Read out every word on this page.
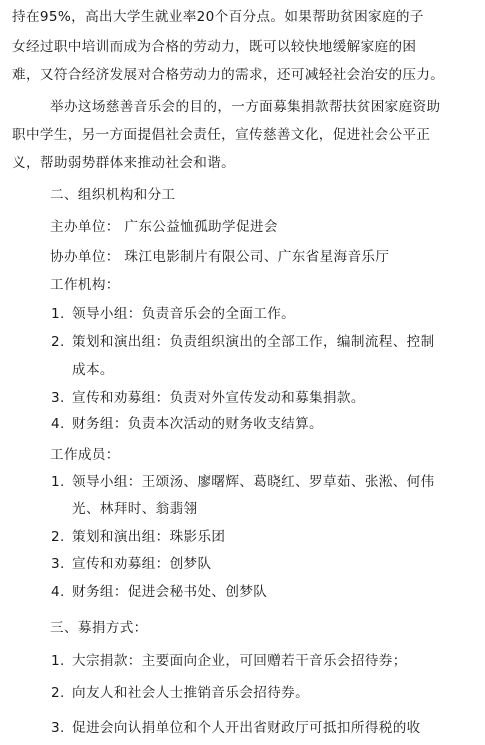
持在95%，高出大学生就业率20个百分点。如果帮助贫困家庭的子
女经过职中培训而成为合格的劳动力，既可以较快地缓解家庭的困
难，又符合经济发展对合格劳动力的需求，还可减轻社会治安的压力。
举办这场慈善音乐会的目的，一方面募集捐款帮扶贫困家庭资助
职中学生，另一方面提倡社会责任，宣传慈善文化，促进社会公平正
义，帮助弱势群体来推动社会和谐。
二、组织机构和分工
主办单位： 广东公益恤孤助学促进会
协办单位： 珠江电影制片有限公司、广东省星海音乐厅
工作机构：
1. 领导小组：负责音乐会的全面工作。
2. 策划和演出组：负责组织演出的全部工作，编制流程、控制
成本。
3. 宣传和劝募组：负责对外宣传发动和募集捐款。
4. 财务组：负责本次活动的财务收支结算。
工作成员：
1. 领导小组：王颂汤、廖曙辉、葛晓红、罗草茹、张淞、何伟
光、林拜时、翁翡翎
2. 策划和演出组：珠影乐团
3. 宣传和劝募组：创梦队
4. 财务组：促进会秘书处、创梦队
三、募捐方式：
1. 大宗捐款：主要面向企业，可回赠若干音乐会招待券；
2. 向友人和社会人士推销音乐会招待券。
3. 促进会向认捐单位和个人开出省财政厅可抵扣所得税的收
